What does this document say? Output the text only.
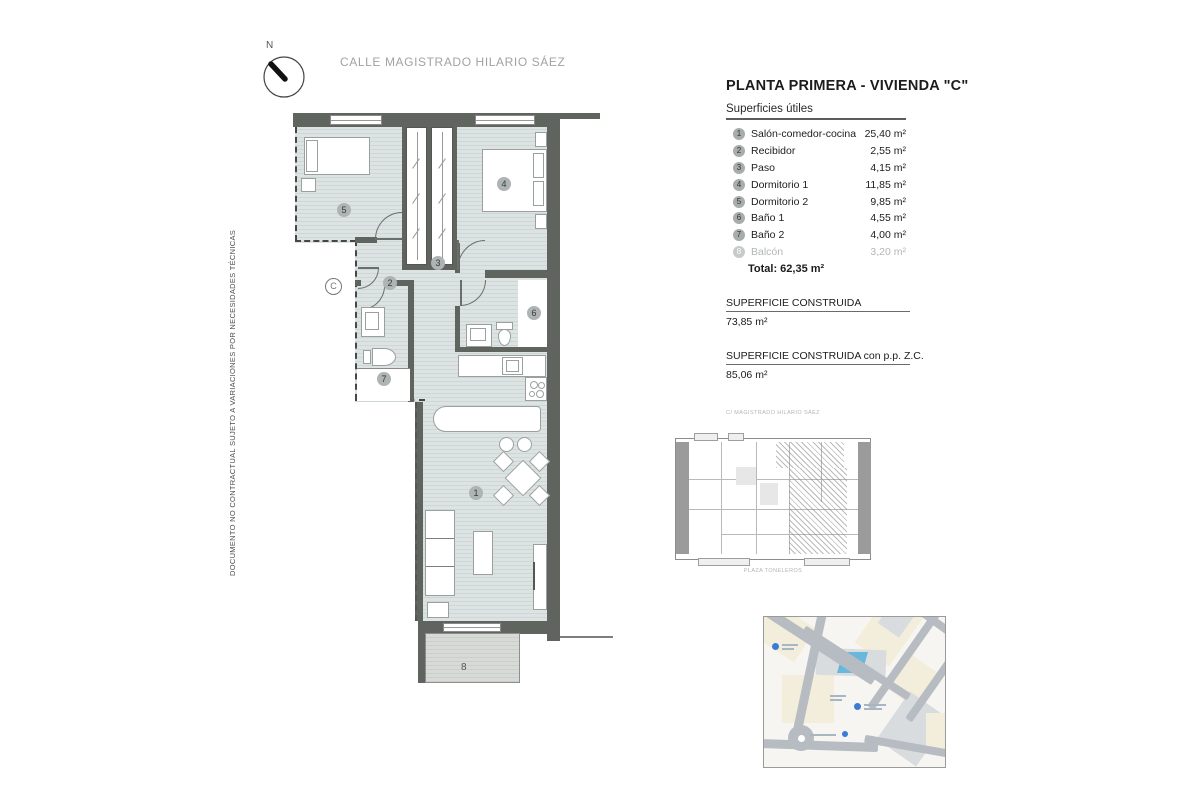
N
CALLE MAGISTRADO HILARIO SÁEZ
DOCUMENTO NO CONTRACTUAL SUJETO A VARIACIONES POR NECESIDADES TÉCNICAS	1
2
3
4
5
6
7
8
C
PLANTA PRIMERA - VIVIENDA "C"
Superficies útiles
1 Salón-comedor-cocina 25,40 m²
2 Recibidor	2,55 m²
3 Paso	4,15 m²
4 Dormitorio 1	11,85 m²
5 Dormitorio 2	9,85 m²
6 Baño 1	4,55 m²
7 Baño 2	4,00 m²
8 Balcón	3,20 m²
Total: 62,35 m²
SUPERFICIE CONSTRUIDA
73,85 m²
SUPERFICIE CONSTRUIDA con p.p. Z.C.
85,06 m²
C/ MAGISTRADO HILARIO SÁEZ
PLAZA TONELEROS
